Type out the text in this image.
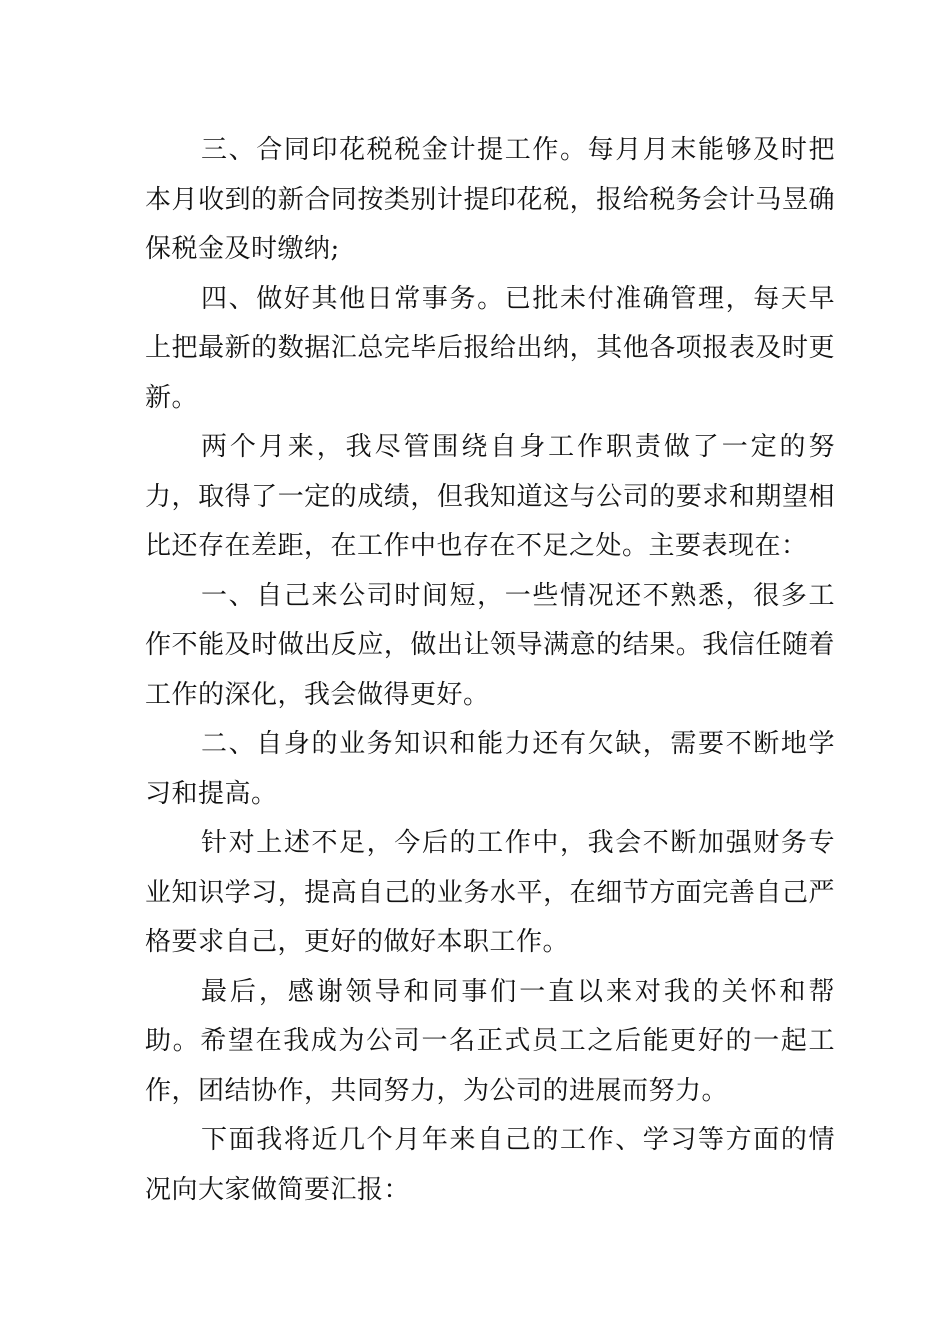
三、合同印花税税金计提工作。每月月末能够及时把本月收到的新合同按类别计提印花税，报给税务会计马昱确保税金及时缴纳;

四、做好其他日常事务。已批未付准确管理，每天早上把最新的数据汇总完毕后报给出纳，其他各项报表及时更新。

两个月来，我尽管围绕自身工作职责做了一定的努力，取得了一定的成绩，但我知道这与公司的要求和期望相比还存在差距，在工作中也存在不足之处。主要表现在：

一、自己来公司时间短，一些情况还不熟悉，很多工作不能及时做出反应，做出让领导满意的结果。我信任随着工作的深化，我会做得更好。

二、自身的业务知识和能力还有欠缺，需要不断地学习和提高。

针对上述不足，今后的工作中，我会不断加强财务专业知识学习，提高自己的业务水平，在细节方面完善自己严格要求自己，更好的做好本职工作。

最后，感谢领导和同事们一直以来对我的关怀和帮助。希望在我成为公司一名正式员工之后能更好的一起工作，团结协作，共同努力，为公司的进展而努力。

下面我将近几个月年来自己的工作、学习等方面的情况向大家做简要汇报：
